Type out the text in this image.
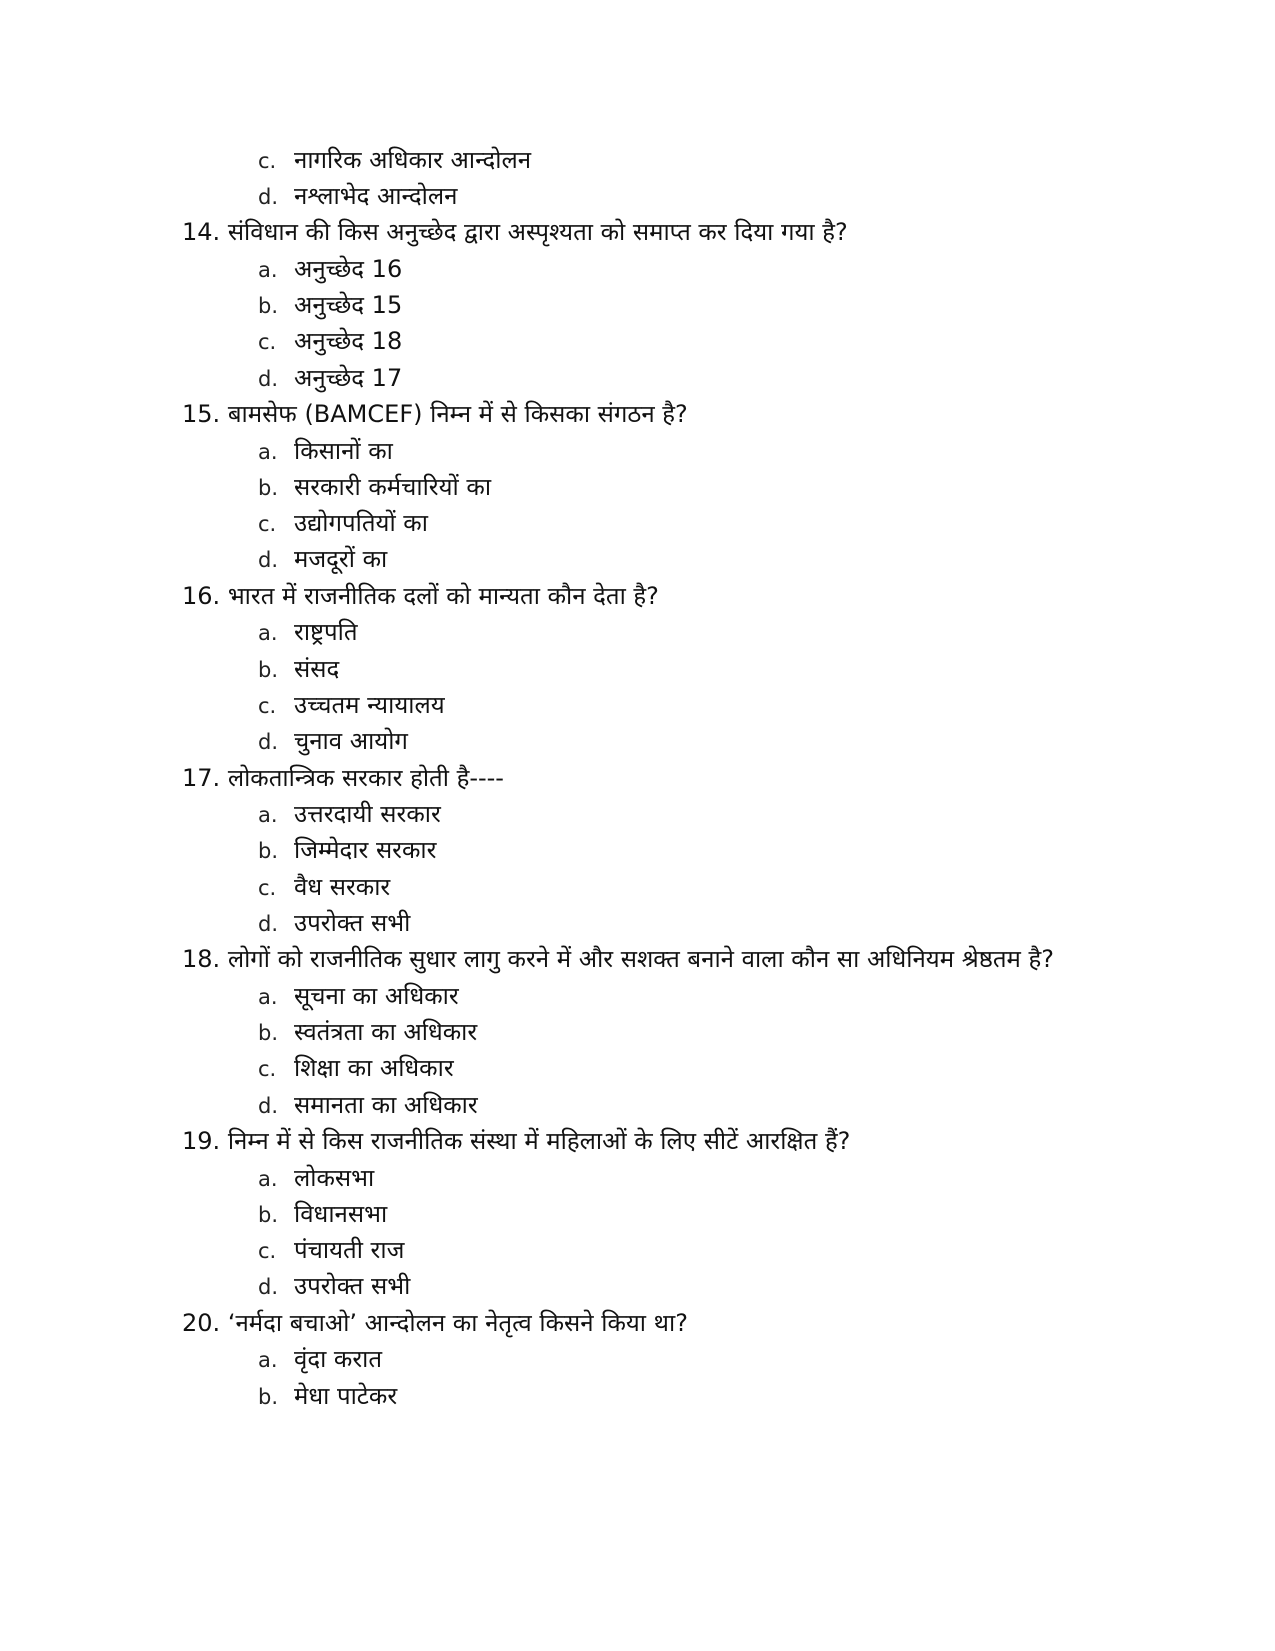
c. नागरिक अधिकार आन्दोलन
d. नश्लाभेद आन्दोलन
14. संविधान की किस अनुच्छेद द्वारा अस्पृश्यता को समाप्त कर दिया गया है?
a. अनुच्छेद 16
b. अनुच्छेद 15
c. अनुच्छेद 18
d. अनुच्छेद 17
15. बामसेफ (BAMCEF) निम्न में से किसका संगठन है?
a. किसानों का
b. सरकारी कर्मचारियों का
c. उद्योगपतियों का
d. मजदूरों का
16. भारत में राजनीतिक दलों को मान्यता कौन देता है?
a. राष्ट्रपति
b. संसद
c. उच्चतम न्यायालय
d. चुनाव आयोग
17. लोकतान्त्रिक सरकार होती है----
a. उत्तरदायी सरकार
b. जिम्मेदार सरकार
c. वैध सरकार
d. उपरोक्त सभी
18. लोगों को राजनीतिक सुधार लागु करने में और सशक्त बनाने वाला कौन सा अधिनियम श्रेष्ठतम है?
a. सूचना का अधिकार
b. स्वतंत्रता का अधिकार
c. शिक्षा का अधिकार
d. समानता का अधिकार
19. निम्न में से किस राजनीतिक संस्था में महिलाओं के लिए सीटें आरक्षित हैं?
a. लोकसभा
b. विधानसभा
c. पंचायती राज
d. उपरोक्त सभी
20. ‘नर्मदा बचाओ’ आन्दोलन का नेतृत्व किसने किया था?
a. वृंदा करात
b. मेधा पाटेकर
